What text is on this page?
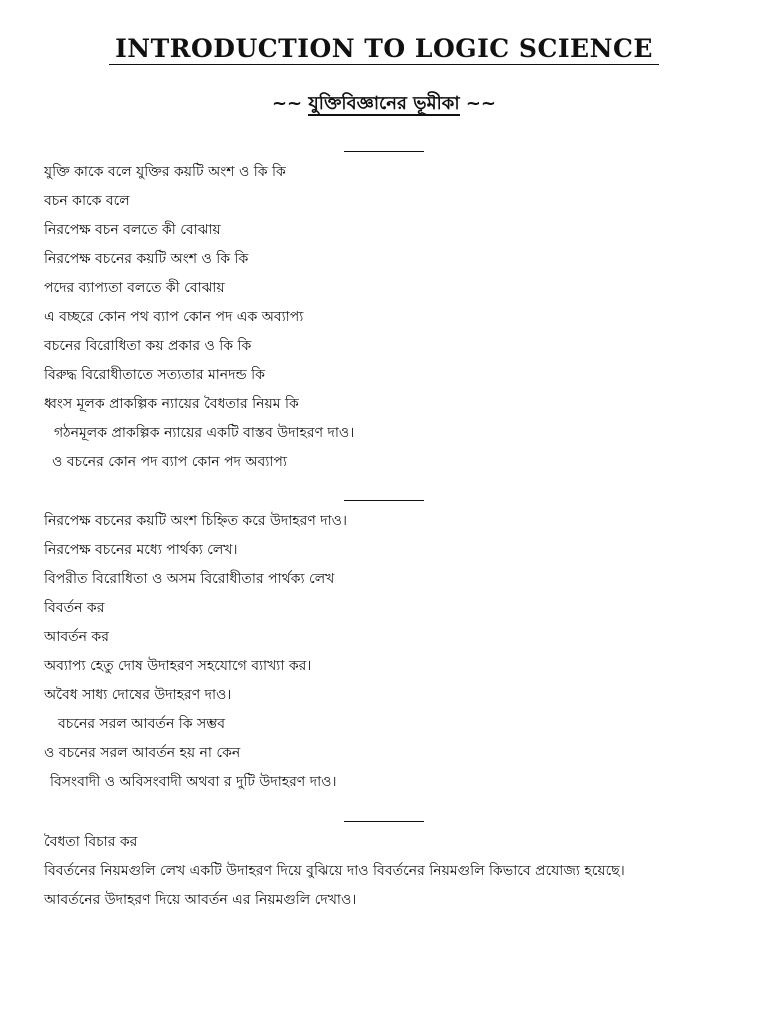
INTRODUCTION TO LOGIC SCIENCE
~~ যুক্তিবিজ্ঞানের ভূমীকা ~~
যুক্তি কাকে বলে যুক্তির কয়টি অংশ ও কি কি
বচন কাকে বলে
নিরপেক্ষ বচন বলতে কী বোঝায়
নিরপেক্ষ বচনের কয়টি অংশ ও কি কি
পদের ব্যাপ্যতা বলতে কী বোঝায়
এ বচ্ছরে কোন পথ ব্যাপ কোন পদ এক অব্যাপ্য
বচনের বিরোধিতা কয় প্রকার ও কি কি
বিরুদ্ধ বিরোধীতাতে সত্যতার মানদন্ড কি
ধ্বংস মূলক প্রাকল্পিক ন্যায়ের বৈধতার নিয়ম কি
গঠনমূলক প্রাকল্পিক ন্যায়ের একটি বাস্তব উদাহরণ দাও।
ও বচনের কোন পদ ব্যাপ কোন পদ অব্যাপ্য
নিরপেক্ষ বচনের কয়টি অংশ চিহ্নিত করে উদাহরণ দাও।
নিরপেক্ষ বচনের মধ্যে পার্থক্য লেখ।
বিপরীত বিরোধিতা ও অসম বিরোধীতার পার্থক্য লেখ
বিবর্তন কর
আবর্তন কর
অব্যাপ্য হেতু দোষ উদাহরণ সহযোগে ব্যাখ্যা কর।
অবৈধ সাধ্য দোষের উদাহরণ দাও।
বচনের সরল আবর্তন কি সম্ভব
ও বচনের সরল আবর্তন হয় না কেন
বিসংবাদী ও অবিসংবাদী অথবা র দুটি উদাহরণ দাও।
বৈধতা বিচার কর
বিবর্তনের নিয়মগুলি লেখ একটি উদাহরণ দিয়ে বুঝিয়ে দাও বিবর্তনের নিয়মগুলি কিভাবে প্রযোজ্য হয়েছে।
আবর্তনের উদাহরণ দিয়ে আবর্তন এর নিয়মগুলি দেখাও।
